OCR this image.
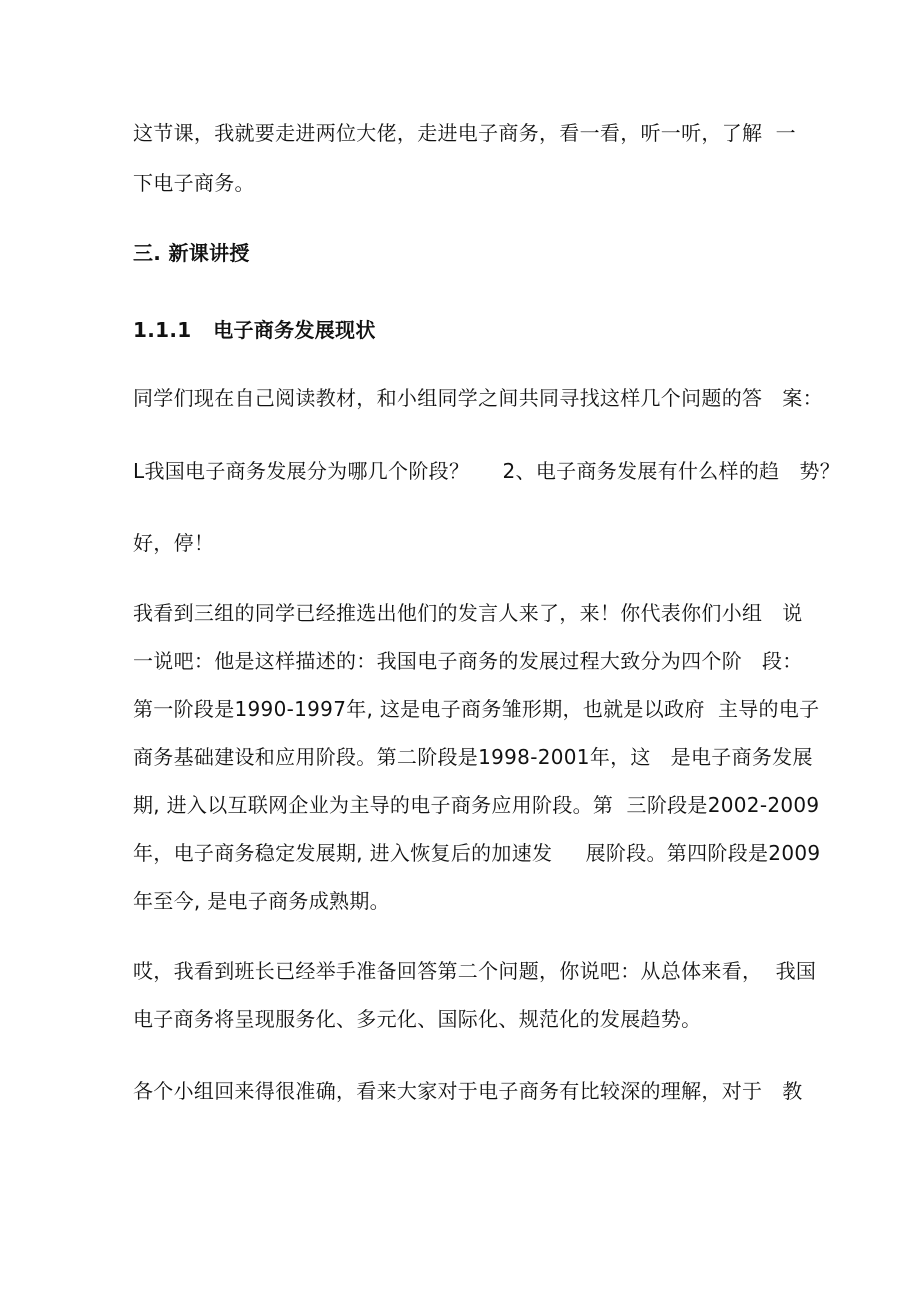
这节课，我就要走进两位大佬，走进电子商务，看一看，听一听，了解  一
下电子商务。
三. 新课讲授
1.1.1   电子商务发展现状
同学们现在自己阅读教材，和小组同学之间共同寻找这样几个问题的答   案：
L我国电子商务发展分为哪几个阶段？     2、电子商务发展有什么样的趋   势？
好，停！
我看到三组的同学已经推选出他们的发言人来了，来！你代表你们小组   说
一说吧：他是这样描述的：我国电子商务的发展过程大致分为四个阶   段：
第一阶段是1990-1997年, 这是电子商务雏形期，也就是以政府  主导的电子
商务基础建设和应用阶段。第二阶段是1998-2001年，这   是电子商务发展
期, 进入以互联网企业为主导的电子商务应用阶段。第  三阶段是2002-2009
年，电子商务稳定发展期, 进入恢复后的加速发     展阶段。第四阶段是2009
年至今, 是电子商务成熟期。
哎，我看到班长已经举手准备回答第二个问题，你说吧：从总体来看，  我国
电子商务将呈现服务化、多元化、国际化、规范化的发展趋势。
各个小组回来得很准确，看来大家对于电子商务有比较深的理解，对于   教
